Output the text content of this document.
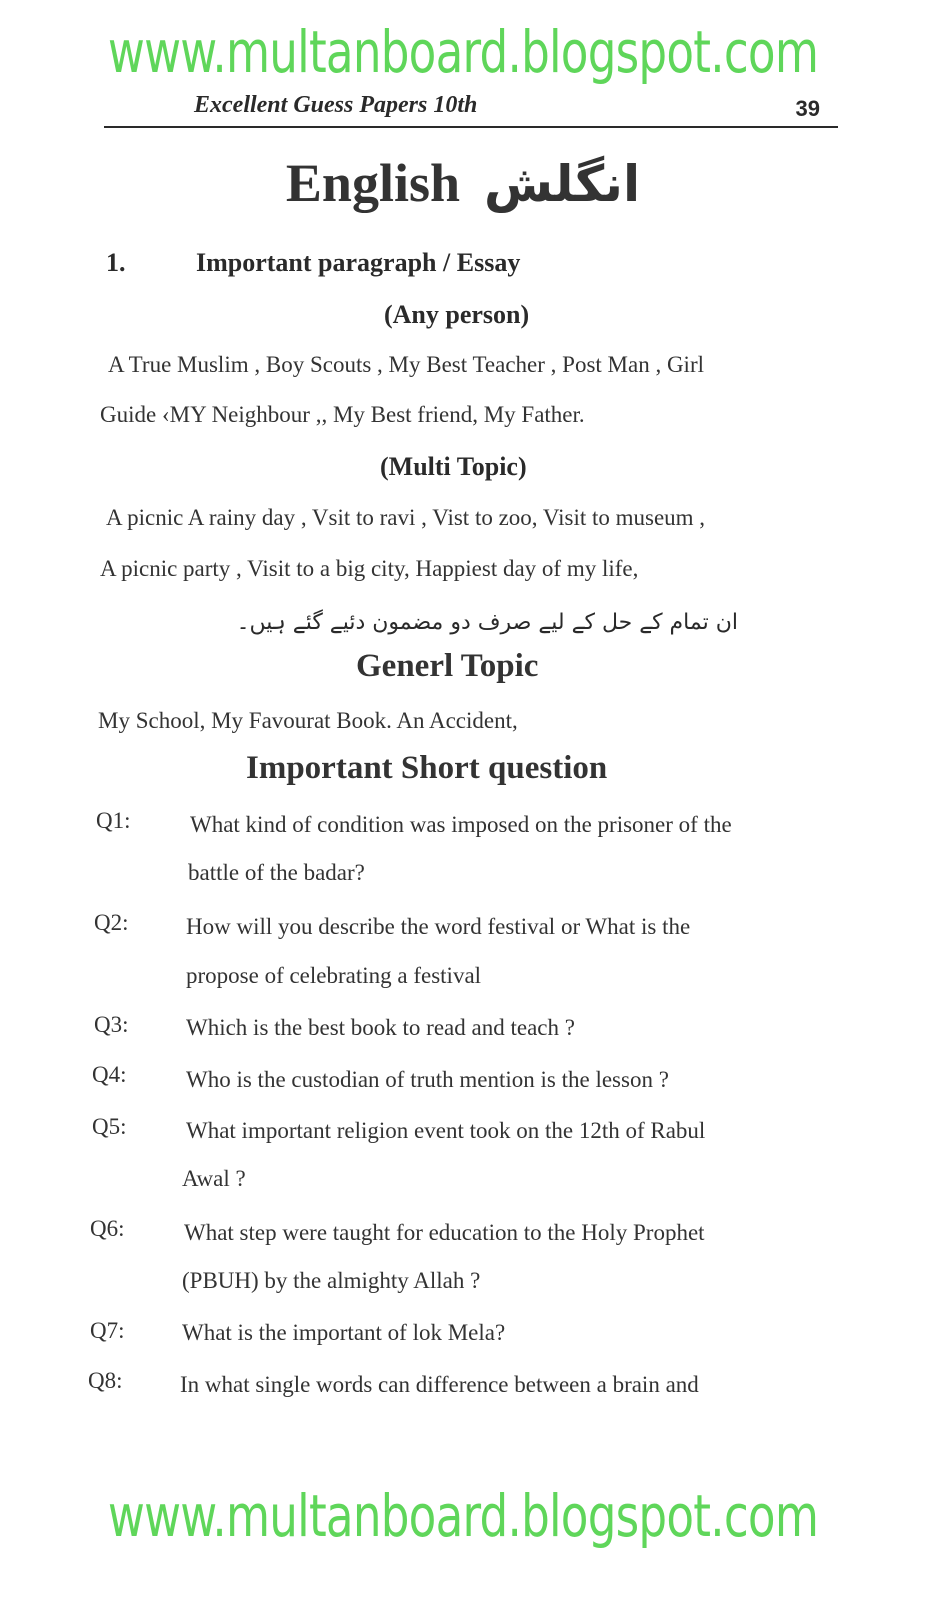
www.multanboard.blogspot.com
Excellent Guess Papers 10th	39
English انگلش
1.	Important paragraph / Essay
(Any person)
A True Muslim , Boy Scouts , My Best Teacher , Post Man , Girl
Guide ‹MY Neighbour ,, My Best friend, My Father.
(Multi Topic)
A picnic A rainy day , Vsit to ravi , Vist to zoo, Visit to museum ,
A picnic party , Visit to a big city, Happiest day of my life,
ان تمام کے حل کے لیے صرف دو مضمون دئیے گئے ہیں۔
Generl Topic
My School, My Favourat Book. An Accident,
Important Short question
Q1:	What kind of condition was imposed on the prisoner of the
battle of the badar?
Q2:	How will you describe the word festival or What is the
propose of celebrating a festival
Q3:	Which is the best book to read and teach ?
Q4:	Who is the custodian of truth mention is the lesson ?
Q5:	What important religion event took on the 12th of Rabul
Awal ?
Q6:	What step were taught for education to the Holy Prophet
(PBUH) by the almighty Allah ?
Q7:	What is the important of lok Mela?
Q8:	In what single words can difference between a brain and
www.multanboard.blogspot.com
